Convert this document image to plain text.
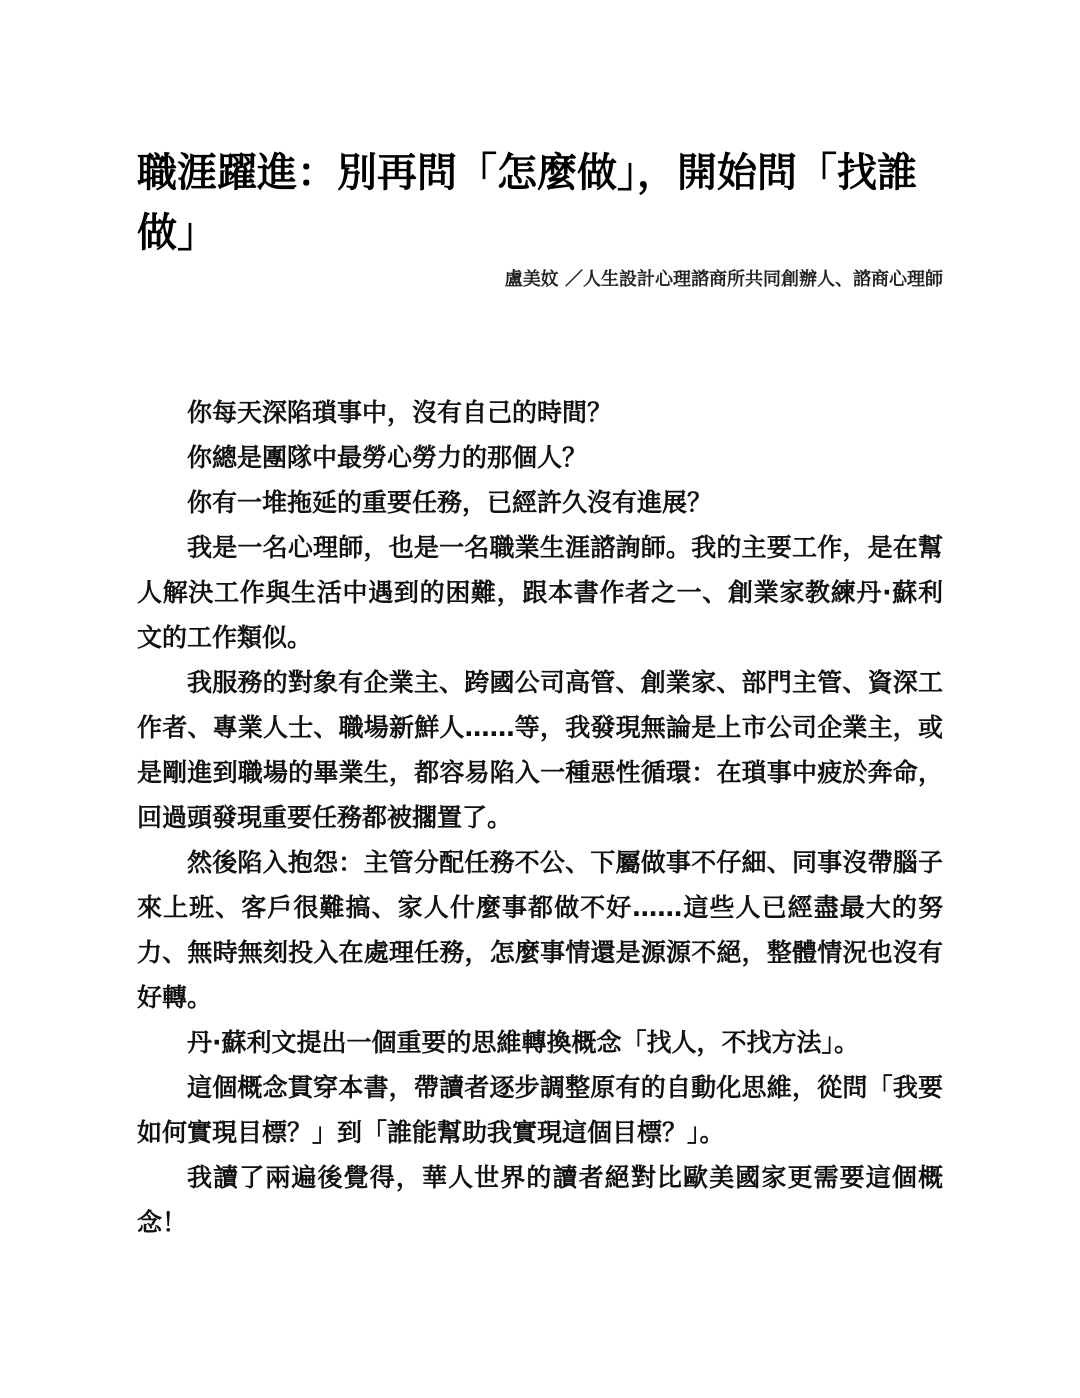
職涯躍進：別再問「怎麼做」，開始問「找誰做」

盧美妏 ／人生設計心理諮商所共同創辦人、諮商心理師

你每天深陷瑣事中，沒有自己的時間？

你總是團隊中最勞心勞力的那個人？

你有一堆拖延的重要任務，已經許久沒有進展？

我是一名心理師，也是一名職業生涯諮詢師。我的主要工作，是在幫人解決工作與生活中遇到的困難，跟本書作者之一、創業家教練丹·蘇利文的工作類似。

我服務的對象有企業主、跨國公司高管、創業家、部門主管、資深工作者、專業人士、職場新鮮人……等，我發現無論是上市公司企業主，或是剛進到職場的畢業生，都容易陷入一種惡性循環：在瑣事中疲於奔命，回過頭發現重要任務都被擱置了。

然後陷入抱怨：主管分配任務不公、下屬做事不仔細、同事沒帶腦子來上班、客戶很難搞、家人什麼事都做不好……這些人已經盡最大的努力、無時無刻投入在處理任務，怎麼事情還是源源不絕，整體情況也沒有好轉。

丹·蘇利文提出一個重要的思維轉換概念「找人，不找方法」。

這個概念貫穿本書，帶讀者逐步調整原有的自動化思維，從問「我要如何實現目標？」到「誰能幫助我實現這個目標？」。

我讀了兩遍後覺得，華人世界的讀者絕對比歐美國家更需要這個概念！
